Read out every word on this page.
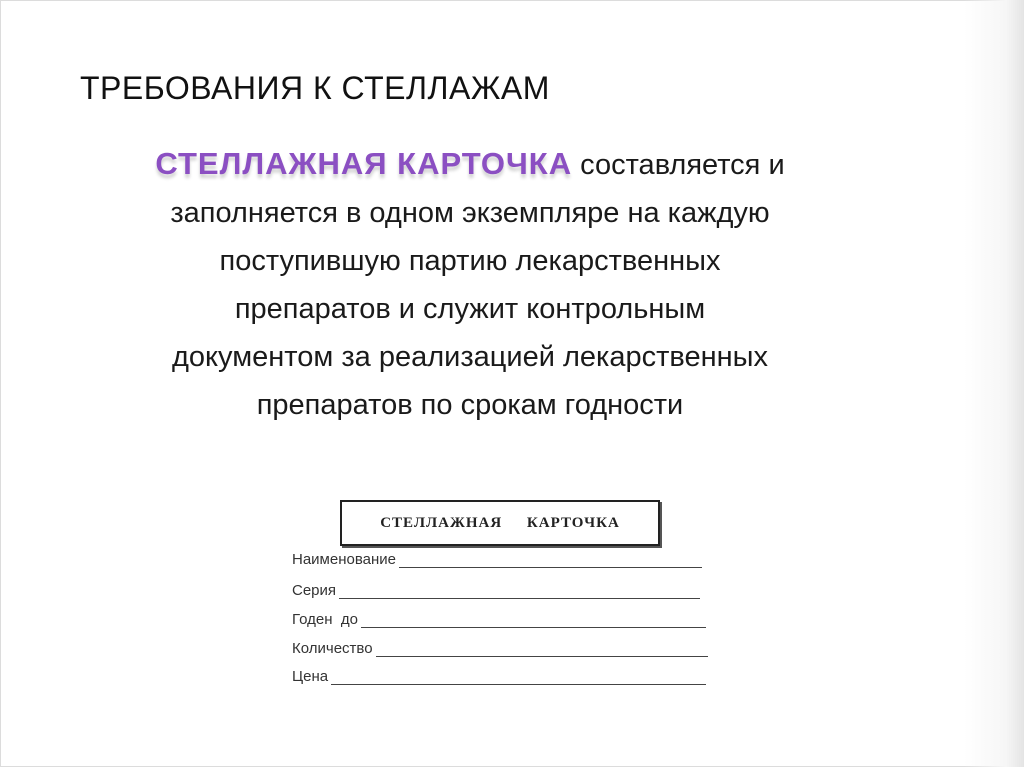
ТРЕБОВАНИЯ К СТЕЛЛАЖАМ
СТЕЛЛАЖНАЯ КАРТОЧКА составляется и
заполняется в одном экземпляре на каждую
поступившую партию лекарственных
препаратов и служит контрольным
документом за реализацией лекарственных
препаратов по срокам годности
СТЕЛЛАЖНАЯ КАРТОЧКА
Наименование
Серия
Годен  до
Количество
Цена
